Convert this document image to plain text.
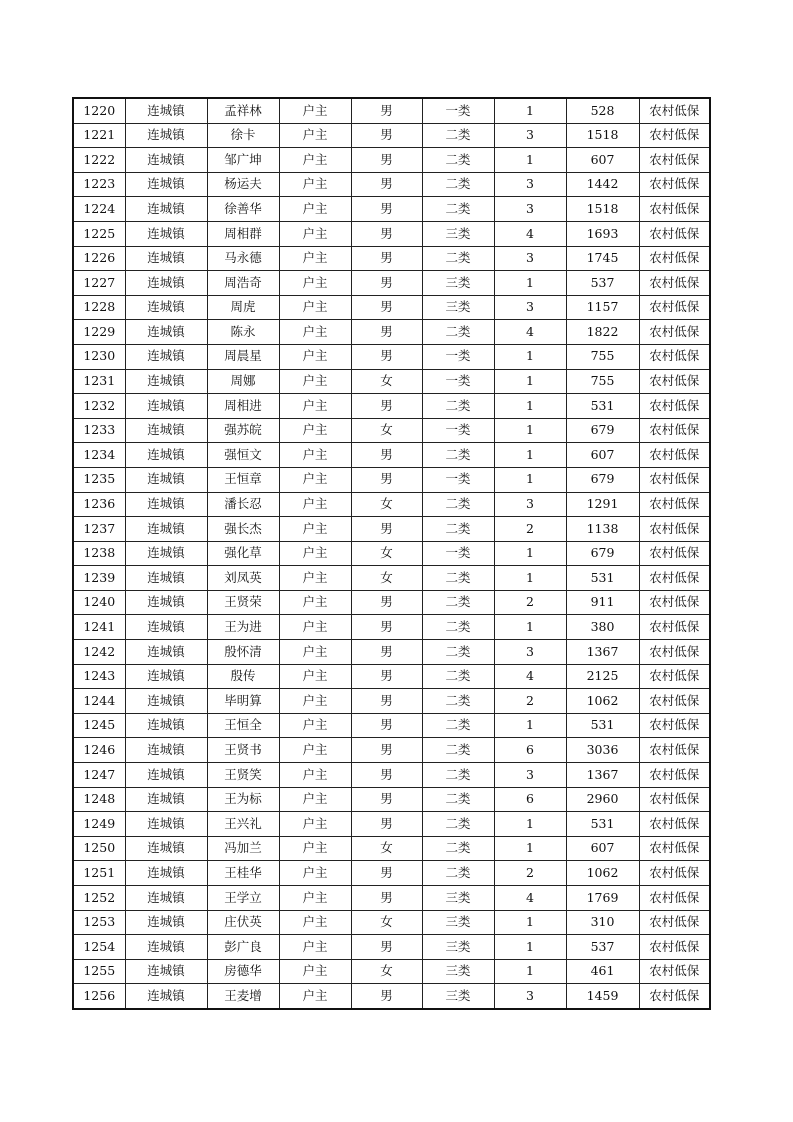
1220	连城镇	孟祥林	户主	男	一类	1	528	农村低保
1221	连城镇	徐卡	户主	男	二类	3	1518	农村低保
1222	连城镇	邹广坤	户主	男	二类	1	607	农村低保
1223	连城镇	杨运夫	户主	男	二类	3	1442	农村低保
1224	连城镇	徐善华	户主	男	二类	3	1518	农村低保
1225	连城镇	周相群	户主	男	三类	4	1693	农村低保
1226	连城镇	马永德	户主	男	二类	3	1745	农村低保
1227	连城镇	周浩奇	户主	男	三类	1	537	农村低保
1228	连城镇	周虎	户主	男	三类	3	1157	农村低保
1229	连城镇	陈永	户主	男	二类	4	1822	农村低保
1230	连城镇	周晨星	户主	男	一类	1	755	农村低保
1231	连城镇	周娜	户主	女	一类	1	755	农村低保
1232	连城镇	周相进	户主	男	二类	1	531	农村低保
1233	连城镇	强苏皖	户主	女	一类	1	679	农村低保
1234	连城镇	强恒文	户主	男	二类	1	607	农村低保
1235	连城镇	王恒章	户主	男	一类	1	679	农村低保
1236	连城镇	潘长忍	户主	女	二类	3	1291	农村低保
1237	连城镇	强长杰	户主	男	二类	2	1138	农村低保
1238	连城镇	强化草	户主	女	一类	1	679	农村低保
1239	连城镇	刘凤英	户主	女	二类	1	531	农村低保
1240	连城镇	王贤荣	户主	男	二类	2	911	农村低保
1241	连城镇	王为进	户主	男	二类	1	380	农村低保
1242	连城镇	殷怀清	户主	男	二类	3	1367	农村低保
1243	连城镇	殷传	户主	男	二类	4	2125	农村低保
1244	连城镇	毕明算	户主	男	二类	2	1062	农村低保
1245	连城镇	王恒全	户主	男	二类	1	531	农村低保
1246	连城镇	王贤书	户主	男	二类	6	3036	农村低保
1247	连城镇	王贤笑	户主	男	二类	3	1367	农村低保
1248	连城镇	王为标	户主	男	二类	6	2960	农村低保
1249	连城镇	王兴礼	户主	男	二类	1	531	农村低保
1250	连城镇	冯加兰	户主	女	二类	1	607	农村低保
1251	连城镇	王桂华	户主	男	二类	2	1062	农村低保
1252	连城镇	王学立	户主	男	三类	4	1769	农村低保
1253	连城镇	庄伏英	户主	女	三类	1	310	农村低保
1254	连城镇	彭广良	户主	男	三类	1	537	农村低保
1255	连城镇	房德华	户主	女	三类	1	461	农村低保
1256	连城镇	王麦增	户主	男	三类	3	1459	农村低保
